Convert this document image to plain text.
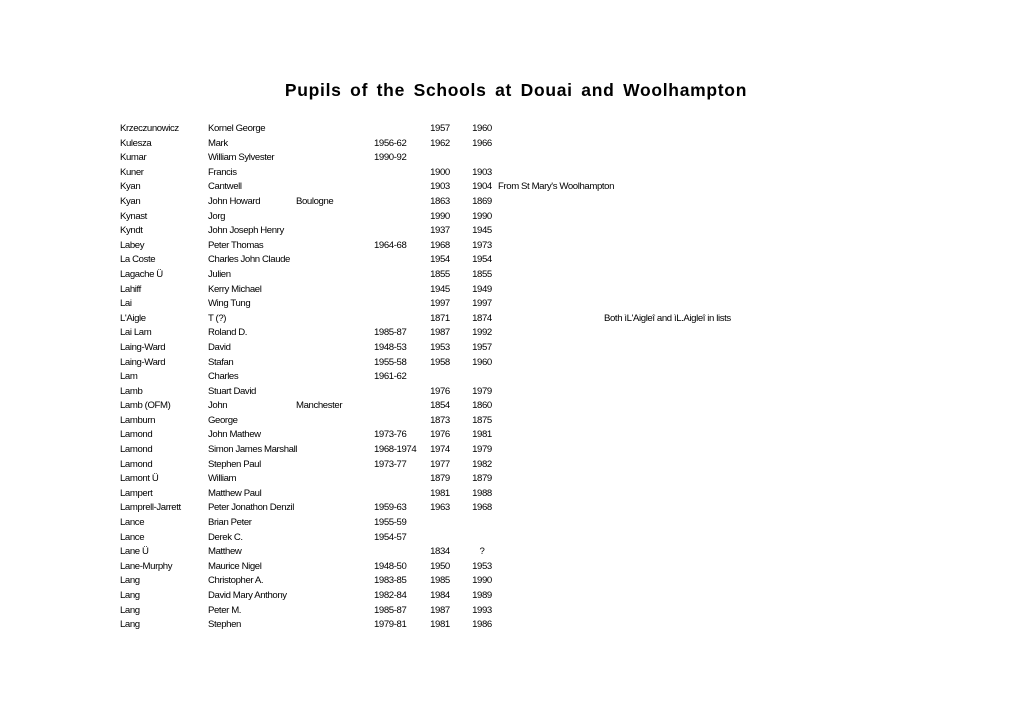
Pupils of the Schools at Douai and Woolhampton
Krzeczunowicz	Kornel George	1957	1960
Kulesza	Mark	1956-62	1962	1966
Kumar	William Sylvester	1990-92
Kuner	Francis	1900	1903
Kyan	Cantwell	1903	1904 From St Mary's Woolhampton
Kyan	John Howard	Boulogne	1863	1869
Kynast	Jorg	1990	1990
Kyndt	John Joseph Henry	1937	1945
Labey	Peter Thomas	1964-68	1968	1973
La Coste	Charles John Claude	1954	1954
Lagache Ü	Julien	1855	1855
Lahiff	Kerry Michael	1945	1949
Lai	Wing Tung	1997	1997
L'Aigle	T (?)	1871	1874	Both ìL'Aigleî and ìL.Aigleî in lists
Lai Lam	Roland D.	1985-87	1987	1992
Laing-Ward	David	1948-53	1953	1957
Laing-Ward	Stafan	1955-58	1958	1960
Lam	Charles	1961-62
Lamb	Stuart David	1976	1979
Lamb (OFM)	John	Manchester	1854	1860
Lamburn	George	1873	1875
Lamond	John Mathew	1973-76	1976	1981
Lamond	Simon James Marshall	1968-1974	1974	1979
Lamond	Stephen Paul	1973-77	1977	1982
Lamont Ü	William	1879	1879
Lampert	Matthew Paul	1981	1988
Lamprell-Jarrett	Peter Jonathon Denzil	1959-63	1963	1968
Lance	Brian Peter	1955-59
Lance	Derek C.	1954-57
Lane Ü	Matthew	1834	?
Lane-Murphy	Maurice Nigel	1948-50	1950	1953
Lang	Christopher A.	1983-85	1985	1990
Lang	David Mary Anthony	1982-84	1984	1989
Lang	Peter M.	1985-87	1987	1993
Lang	Stephen	1979-81	1981	1986
